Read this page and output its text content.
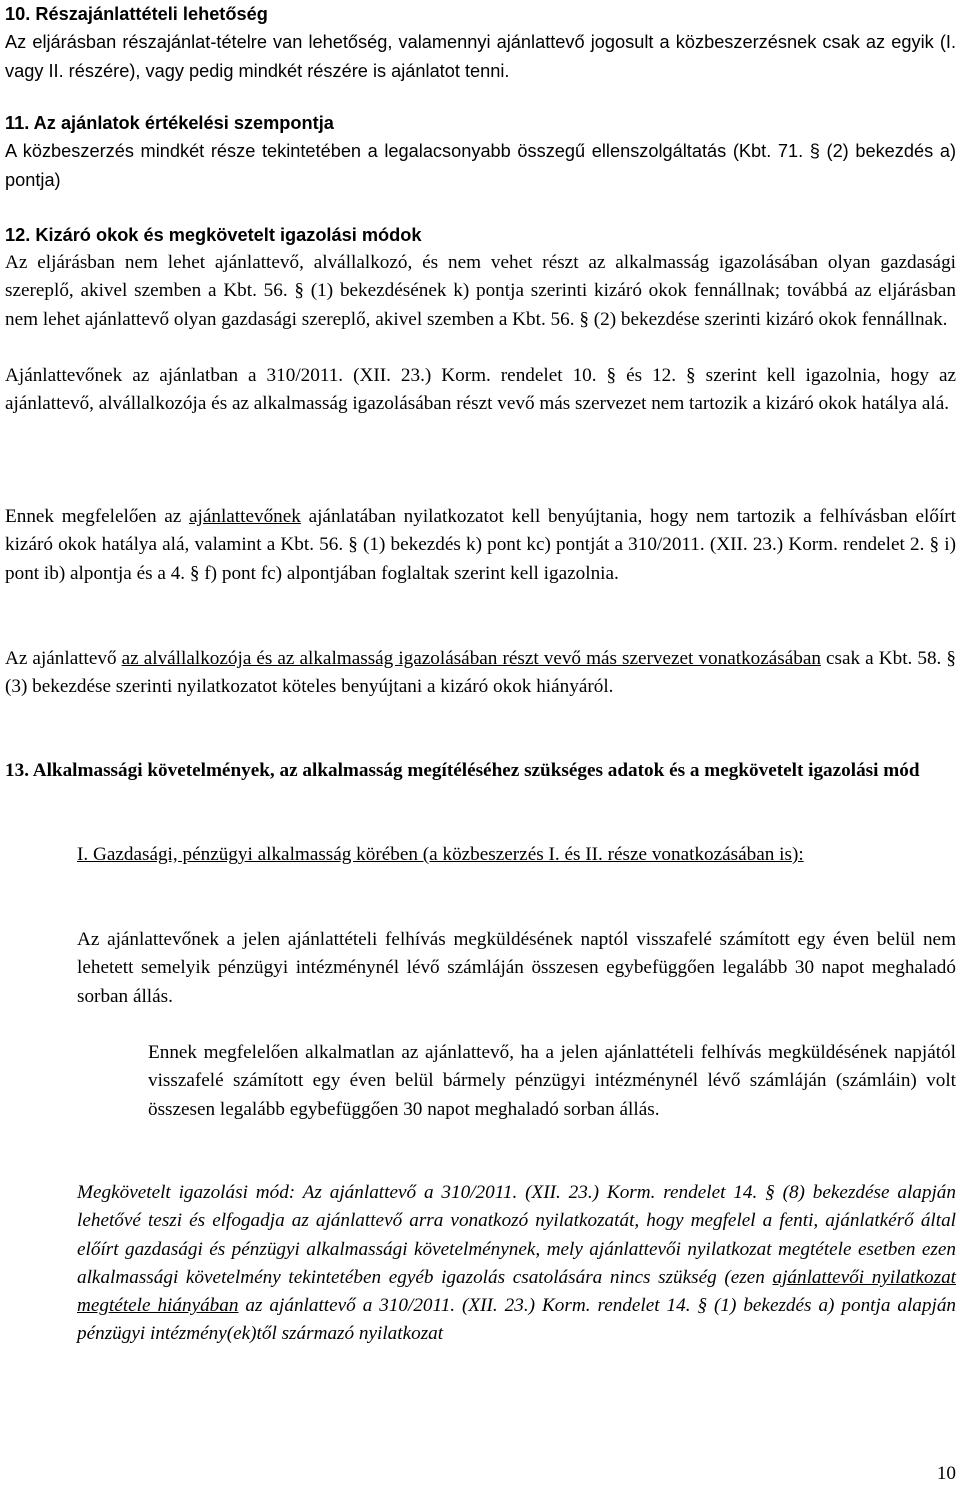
10. Részajánlattételi lehetőség

Az eljárásban részajánlat-tételre van lehetőség, valamennyi ajánlattevő jogosult a közbeszerzésnek csak az egyik (I. vagy II. részére), vagy pedig mindkét részére is ajánlatot tenni.

11. Az ajánlatok értékelési szempontja

A közbeszerzés mindkét része tekintetében a legalacsonyabb összegű ellenszolgáltatás (Kbt. 71. § (2) bekezdés a) pontja)

12. Kizáró okok és megkövetelt igazolási módok

Az eljárásban nem lehet ajánlattevő, alvállalkozó, és nem vehet részt az alkalmasság igazolásában olyan gazdasági szereplő, akivel szemben a Kbt. 56. § (1) bekezdésének k) pontja szerinti kizáró okok fennállnak; továbbá az eljárásban nem lehet ajánlattevő olyan gazdasági szereplő, akivel szemben a Kbt. 56. § (2) bekezdése szerinti kizáró okok fennállnak.

Ajánlattevőnek az ajánlatban a 310/2011. (XII. 23.) Korm. rendelet 10. § és 12. § szerint kell igazolnia, hogy az ajánlattevő, alvállalkozója és az alkalmasság igazolásában részt vevő más szervezet nem tartozik a kizáró okok hatálya alá.

Ennek megfelelően az ajánlattevőnek ajánlatában nyilatkozatot kell benyújtania, hogy nem tartozik a felhívásban előírt kizáró okok hatálya alá, valamint a Kbt. 56. § (1) bekezdés k) pont kc) pontját a 310/2011. (XII. 23.) Korm. rendelet 2. § i) pont ib) alpontja és a 4. § f) pont fc) alpontjában foglaltak szerint kell igazolnia.

Az ajánlattevő az alvállalkozója és az alkalmasság igazolásában részt vevő más szervezet vonatkozásában csak a Kbt. 58. § (3) bekezdése szerinti nyilatkozatot köteles benyújtani a kizáró okok hiányáról.

13. Alkalmassági követelmények, az alkalmasság megítéléséhez szükséges adatok és a megkövetelt igazolási mód

I. Gazdasági, pénzügyi alkalmasság körében (a közbeszerzés I. és II. része vonatkozásában is):

Az ajánlattevőnek a jelen ajánlattételi felhívás megküldésének naptól visszafelé számított egy éven belül nem lehetett semelyik pénzügyi intézménynél lévő számláján összesen egybefüggően legalább 30 napot meghaladó sorban állás.

Ennek megfelelően alkalmatlan az ajánlattevő, ha a jelen ajánlattételi felhívás megküldésének napjától visszafelé számított egy éven belül bármely pénzügyi intézménynél lévő számláján (számláin) volt összesen legalább egybefüggően 30 napot meghaladó sorban állás.

Megkövetelt igazolási mód: Az ajánlattevő a 310/2011. (XII. 23.) Korm. rendelet 14. § (8) bekezdése alapján lehetővé teszi és elfogadja az ajánlattevő arra vonatkozó nyilatkozatát, hogy megfelel a fenti, ajánlatkérő által előírt gazdasági és pénzügyi alkalmassági követelménynek, mely ajánlattevői nyilatkozat megtétele esetben ezen alkalmassági követelmény tekintetében egyéb igazolás csatolására nincs szükség (ezen ajánlattevői nyilatkozat megtétele hiányában az ajánlattevő a 310/2011. (XII. 23.) Korm. rendelet 14. § (1) bekezdés a) pontja alapján pénzügyi intézmény(ek)től származó nyilatkozat

10
